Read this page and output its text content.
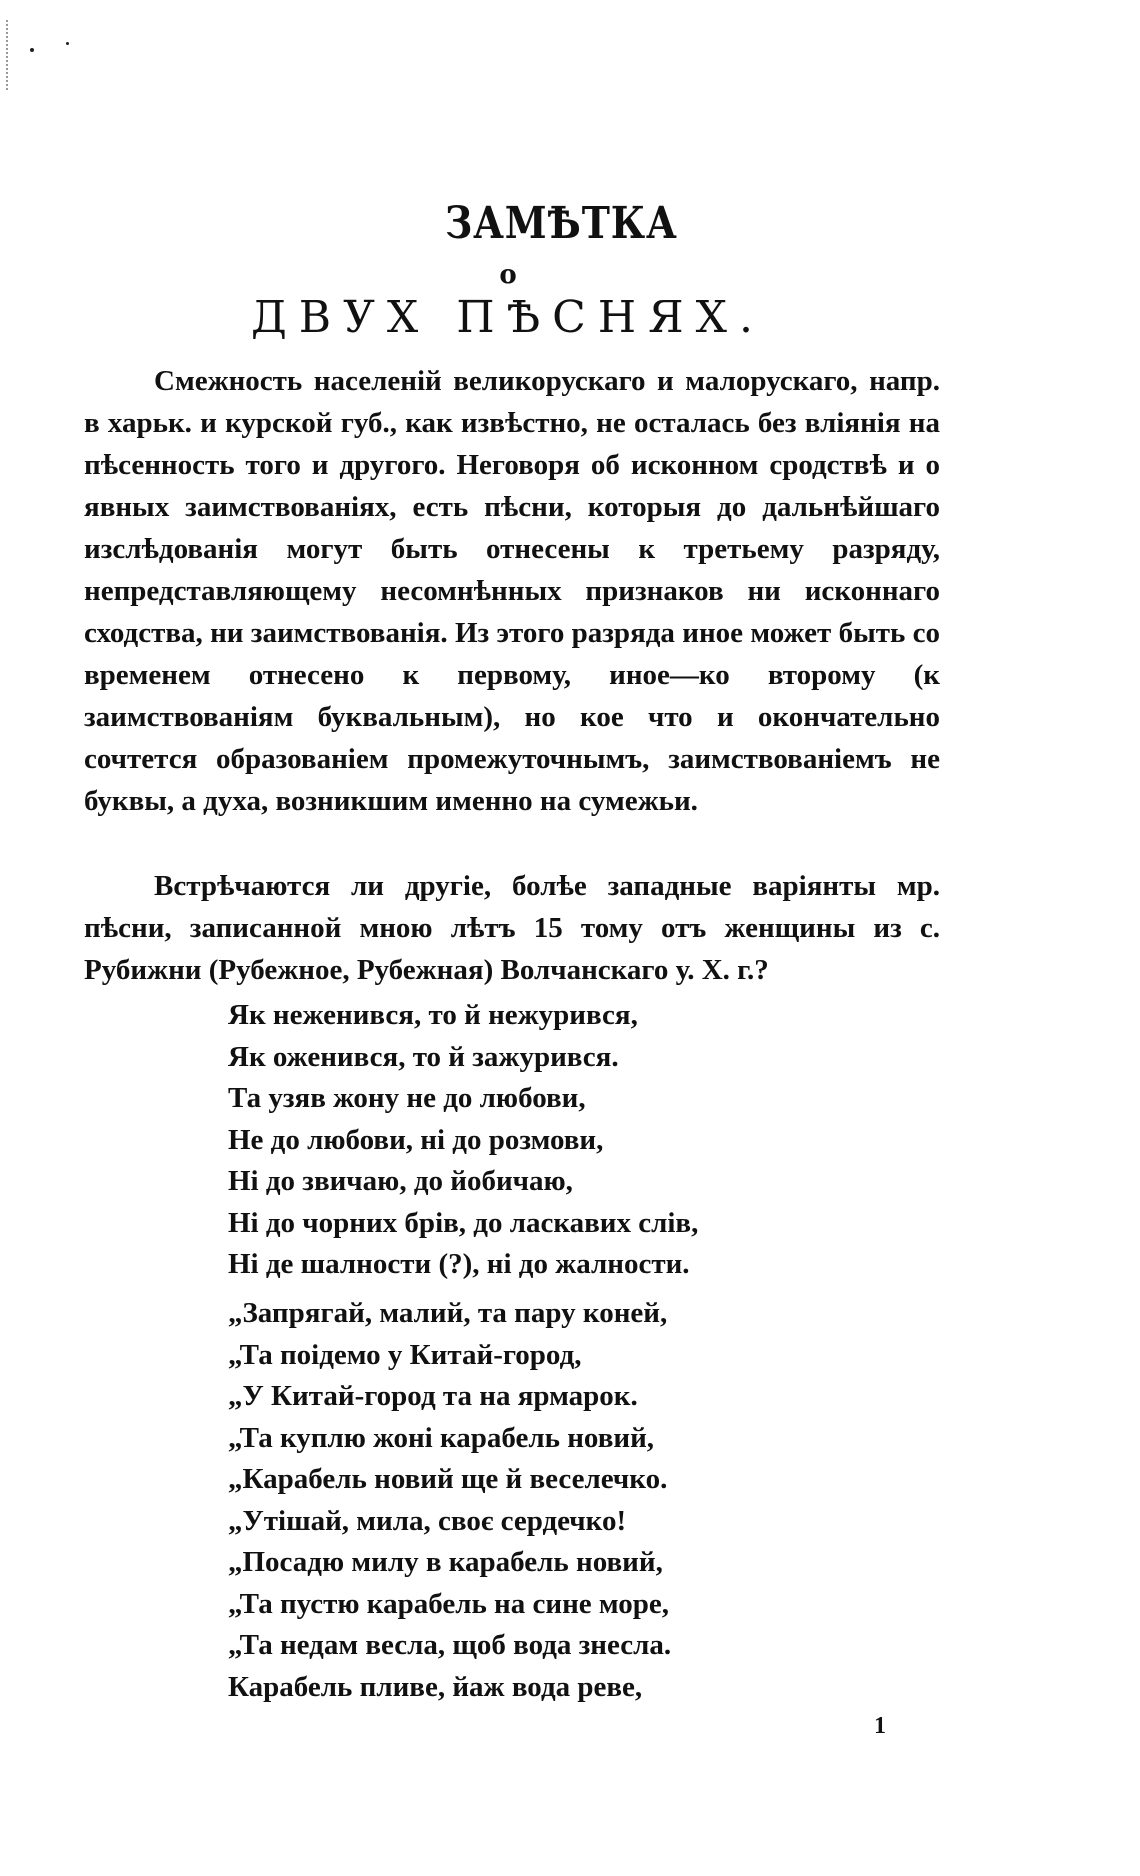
ЗАМѢТКА
о
ДВУХ ПѢСНЯХ.

Смежность населеній великорускаго и малорускаго, напр. в харьк. и курской губ., как извѣстно, не осталась без вліянія на пѣсенность того и другого. Неговоря об исконном сродствѣ и о явных заимствованіях, есть пѣсни, которыя до дальнѣйшаго изслѣдованія могут быть отнесены к третьему разряду, непредставляющему несомнѣнных признаков ни исконнаго сходства, ни заимствованія. Из этого разряда иное может быть со временем отнесено к первому, иное—ко второму (к заимствованіям буквальным), но кое что и окончательно сочтется образованіем промежуточнымъ, заимствованіемъ не буквы, а духа, возникшим именно на сумежьи.

Встрѣчаются ли другіе, болѣе западные варіянты мр. пѣсни, записанной мною лѣтъ 15 тому отъ женщины из с. Рубижни (Рубежное, Рубежная) Волчанскаго у. Х. г.?

Як неженився, то й нежурився,
Як оженився, то й зажурився.
Та узяв жону не до любови,
Не до любови, ні до розмови,
Ні до звичаю, до йобичаю,
Ні до чорних брів, до ласкавих слів,
Ні де шалности (?), ні до жалности.
„Запрягай, малий, та пару коней,
„Та поідемо у Китай-город,
„У Китай-город та на ярмарок.
„Та куплю жоні карабель новий,
„Карабель новий ще й веселечко.
„Утішай, мила, своє сердечко!
„Посадю милу в карабель новий,
„Та пустю карабель на сине море,
„Та недам весла, щоб вода знесла.
Карабель пливе, йаж вода реве,
1
